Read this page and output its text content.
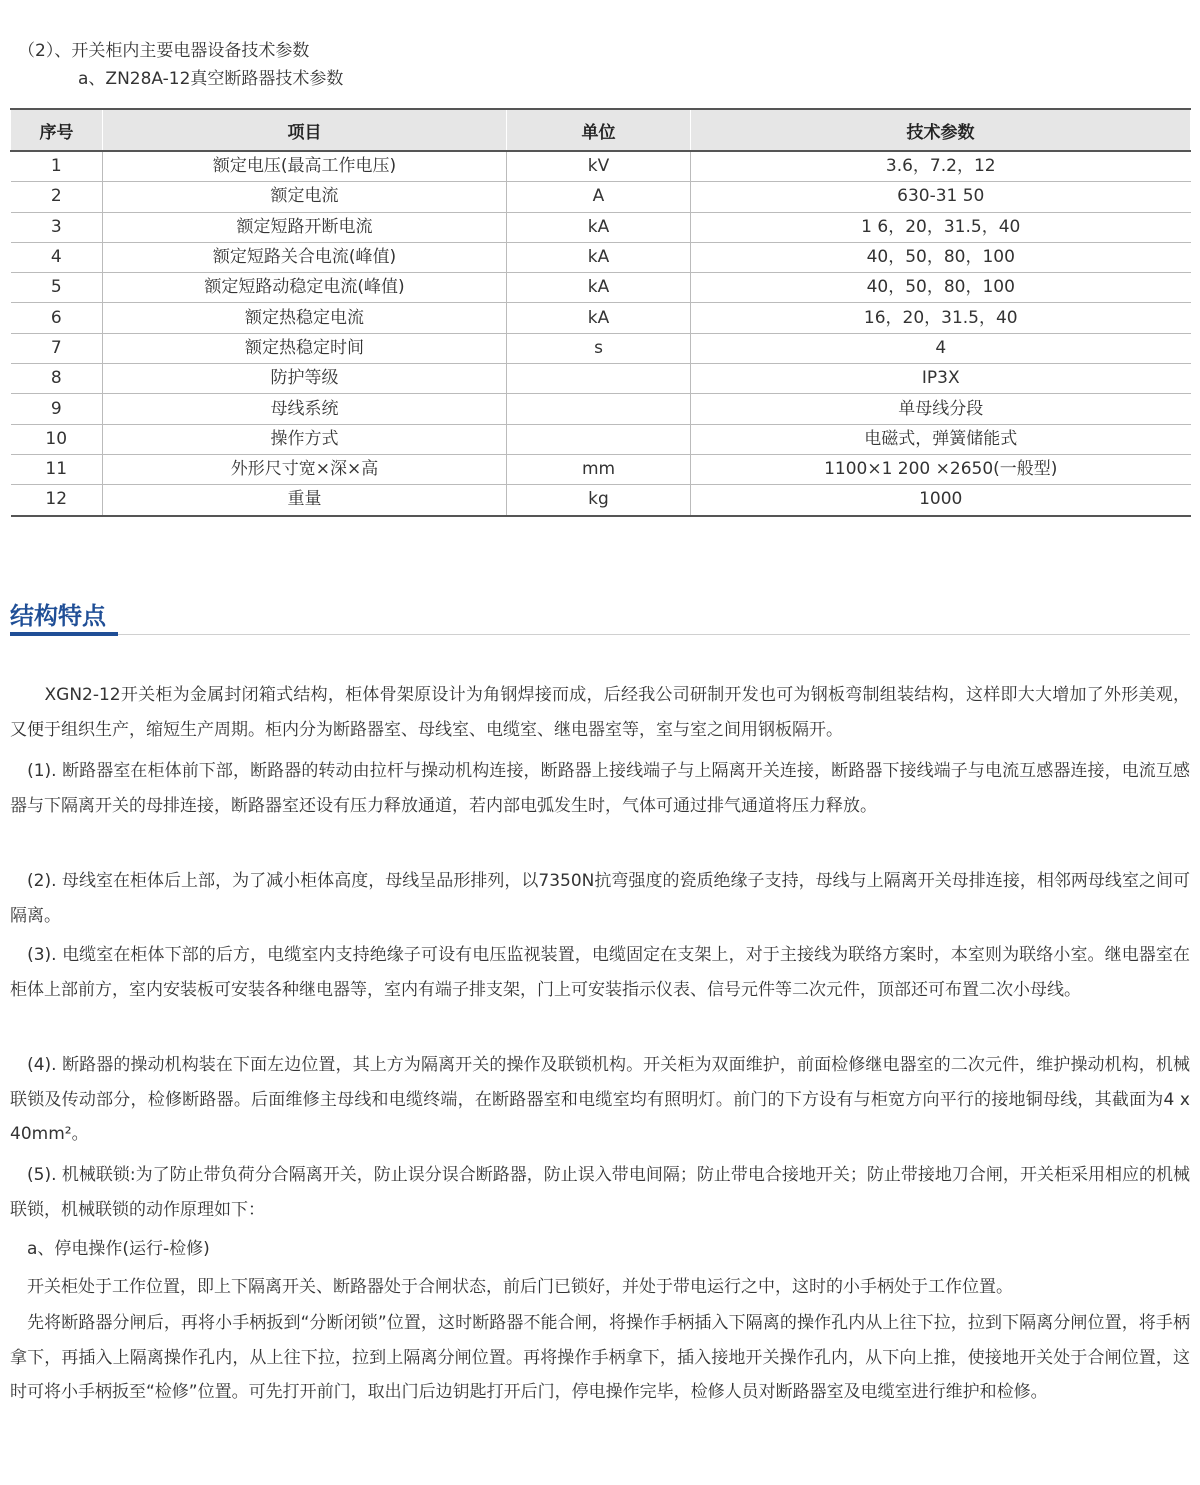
（2）、开关柜内主要电器设备技术参数
a、ZN28A-12真空断路器技术参数
序号	项目	单位	技术参数
1	额定电压(最高工作电压)	kV	3.6，7.2，12
2	额定电流	A	630-31 50
3	额定短路开断电流	kA	1 6，20，31.5，40
4	额定短路关合电流(峰值)	kA	40，50，80，100
5	额定短路动稳定电流(峰值)	kA	40，50，80，100
6	额定热稳定电流	kA	16，20，31.5，40
7	额定热稳定时间	s	4
8	防护等级		IP3X
9	母线系统		单母线分段
10	操作方式		电磁式，弹簧储能式
11	外形尺寸宽×深×高	mm	1100×1 200 ×2650(一般型)
12	重量	kg	1000
结构特点
　　XGN2-12开关柜为金属封闭箱式结构，柜体骨架原设计为角钢焊接而成，后经我公司研制开发也可为钢板弯制组装结构，这样即大大增加了外形美观，又便于组织生产，缩短生产周期。柜内分为断路器室、母线室、电缆室、继电器室等，室与室之间用钢板隔开。
　(1). 断路器室在柜体前下部，断路器的转动由拉杆与操动机构连接，断路器上接线端子与上隔离开关连接，断路器下接线端子与电流互感器连接，电流互感器与下隔离开关的母排连接，断路器室还设有压力释放通道，若内部电弧发生时，气体可通过排气通道将压力释放。
　(2). 母线室在柜体后上部，为了减小柜体高度，母线呈品形排列，以7350N抗弯强度的瓷质绝缘子支持，母线与上隔离开关母排连接，相邻两母线室之间可隔离。
　(3). 电缆室在柜体下部的后方，电缆室内支持绝缘子可设有电压监视装置，电缆固定在支架上，对于主接线为联络方案时，本室则为联络小室。继电器室在柜体上部前方，室内安装板可安装各种继电器等，室内有端子排支架，门上可安装指示仪表、信号元件等二次元件，顶部还可布置二次小母线。
　(4). 断路器的操动机构装在下面左边位置，其上方为隔离开关的操作及联锁机构。开关柜为双面维护，前面检修继电器室的二次元件，维护操动机构，机械联锁及传动部分，检修断路器。后面维修主母线和电缆终端，在断路器室和电缆室均有照明灯。前门的下方设有与柜宽方向平行的接地铜母线，其截面为4 x 40mm²。
　(5). 机械联锁:为了防止带负荷分合隔离开关，防止误分误合断路器，防止误入带电间隔；防止带电合接地开关；防止带接地刀合闸，开关柜采用相应的机械联锁，机械联锁的动作原理如下：
　a、停电操作(运行-检修)
　开关柜处于工作位置，即上下隔离开关、断路器处于合闸状态，前后门已锁好，并处于带电运行之中，这时的小手柄处于工作位置。
　先将断路器分闸后，再将小手柄扳到“分断闭锁”位置，这时断路器不能合闸，将操作手柄插入下隔离的操作孔内从上往下拉，拉到下隔离分闸位置，将手柄拿下，再插入上隔离操作孔内，从上往下拉，拉到上隔离分闸位置。再将操作手柄拿下，插入接地开关操作孔内，从下向上推，使接地开关处于合闸位置，这时可将小手柄扳至“检修”位置。可先打开前门，取出门后边钥匙打开后门，停电操作完毕，检修人员对断路器室及电缆室进行维护和检修。
